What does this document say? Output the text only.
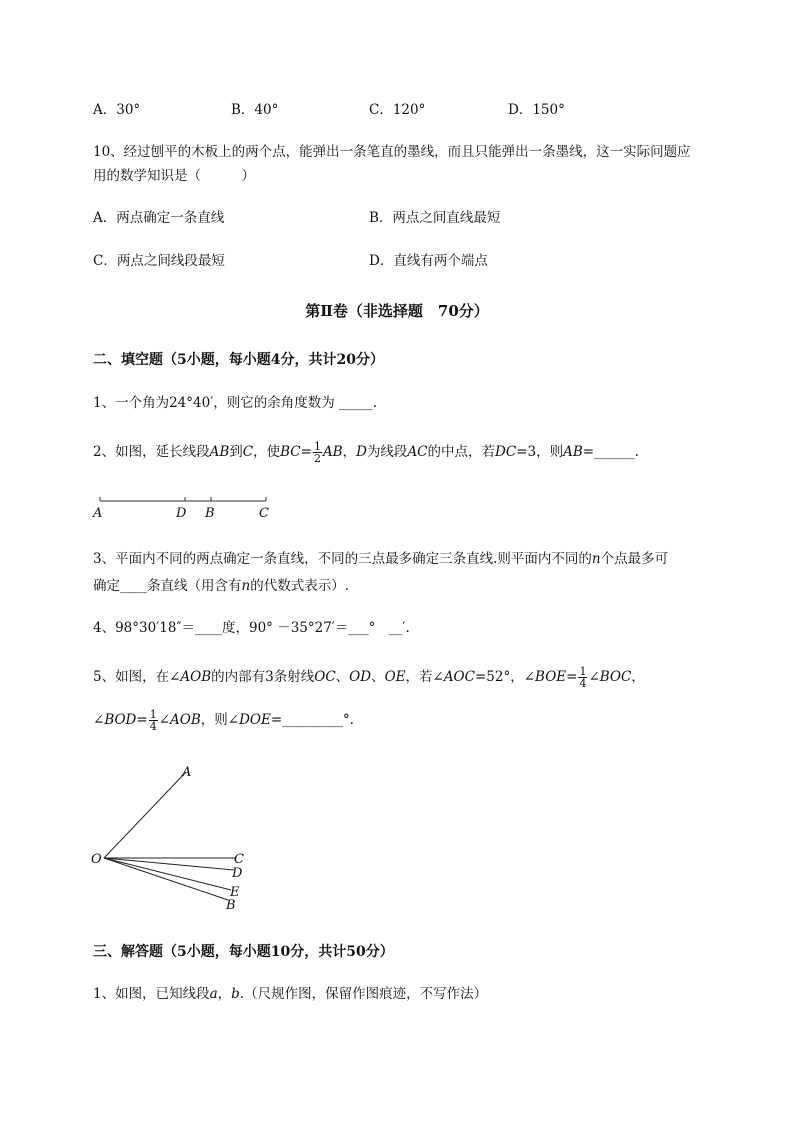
A．30°	B．40°	C．120°	D．150°
10、经过刨平的木板上的两个点，能弹出一条笔直的墨线，而且只能弹出一条墨线，这一实际问题应
用的数学知识是（　　　）
A．两点确定一条直线	B．两点之间直线最短
C．两点之间线段最短	D．直线有两个端点
第Ⅱ卷（非选择题　70分）
二、填空题（5小题，每小题4分，共计20分）
1、一个角为24°40′，则它的余角度数为 _____.
2、如图，延长线段AB到C，使$BC= \frac{1}{2}$ AB，D为线段AC的中点，若DC=3，则AB=______.
A	D B	C
3、平面内不同的两点确定一条直线，不同的三点最多确定三条直线.则平面内不同的n个点最多可
确定____条直线（用含有n的代数式表示）.
4、98°30′18″＝____度，90° －35°27′＝___°　__′.
5、如图，在∠AOB的内部有3条射线OC、OD、OE，若∠AOC=52°，∠BOE= $\frac{1}{4}$ ∠BOC，
∠BOD= $\frac{1}{4}$ ∠AOB，则∠DOE=_________°.
O
A
C
D
E
B
三、解答题（5小题，每小题10分，共计50分）
1、如图，已知线段a，b.（尺规作图，保留作图痕迹，不写作法）
